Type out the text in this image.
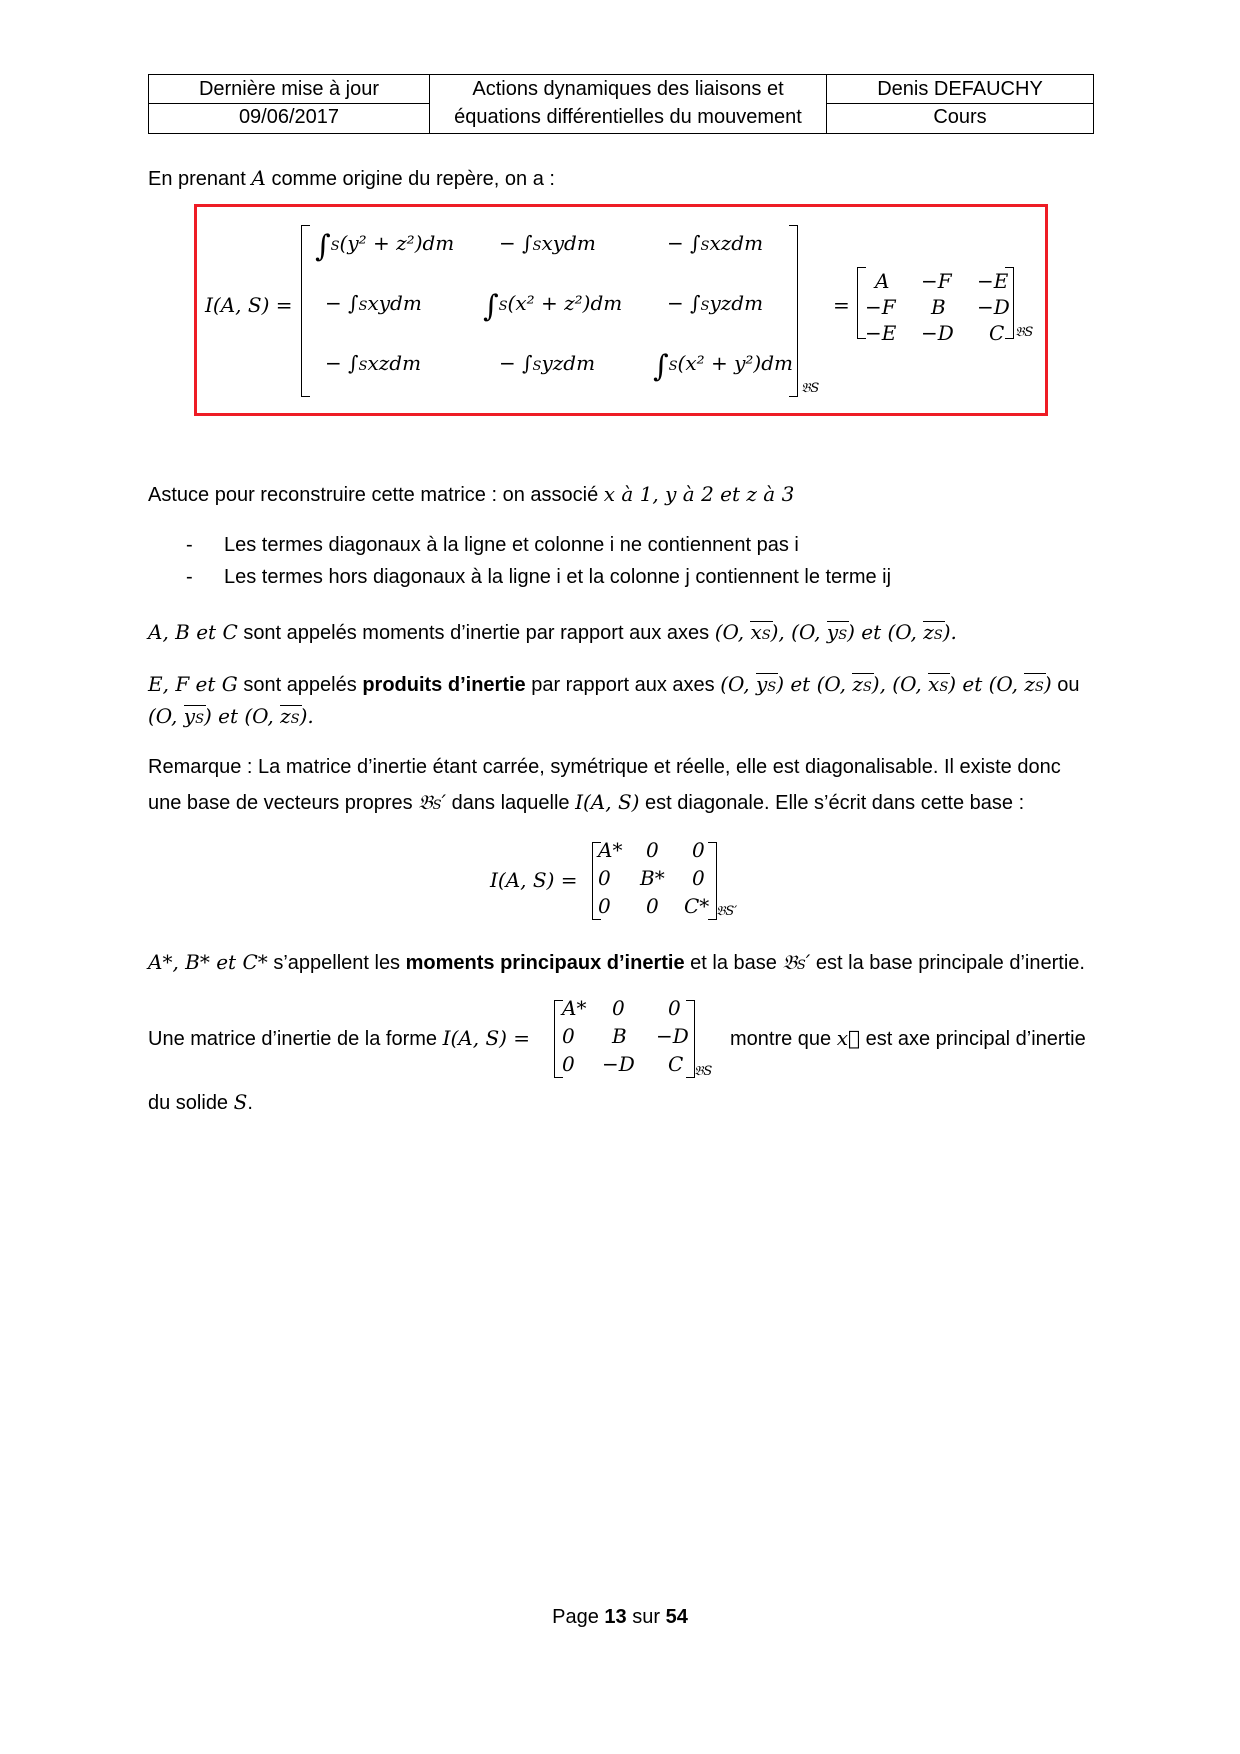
Dernière mise à jour
09/06/2017
Actions dynamiques des liaisons et
équations différentielles du mouvement
Denis DEFAUCHY
Cours
En prenant A comme origine du repère, on a :
I(A, S) =
∫S(y² + z²)dm − ∫Sxydm	− ∫Sxzdm
− ∫Sxydm ∫S(x² + z²)dm − ∫Syzdm
− ∫Sxzdm	− ∫Syzdm ∫S(x² + y²)dm
𝔅S
=
A −F −E
−F B −D
−E −D C 𝔅S
Astuce pour reconstruire cette matrice : on associé x à 1, y à 2 et z à 3
- Les termes diagonaux à la ligne et colonne i ne contiennent pas i
- Les termes hors diagonaux à la ligne i et la colonne j contiennent le terme ij
A, B et C sont appelés moments d’inertie par rapport aux axes (O, xS), (O, yS) et (O, zS).
E, F et G sont appelés produits d’inertie par rapport aux axes (O, yS) et (O, zS), (O, xS) et (O, zS) ou
(O, yS) et (O, zS).
Remarque : La matrice d’inertie étant carrée, symétrique et réelle, elle est diagonalisable. Il existe donc
une base de vecteurs propres 𝔅S′ dans laquelle I(A, S) est diagonale. Elle s’écrit dans cette base :
I(A, S) =
A* 0 0
0 B* 0
0 0 C* 𝔅S′
A*, B* et C* s’appellent les moments principaux d’inertie et la base 𝔅S′ est la base principale d’inertie.
Une matrice d’inertie de la forme I(A, S) =
A* 0 0
0 B −D
0 −D C 𝔅S
montre que x⃗ est axe principal d’inertie
du solide S.
Page 13 sur 54
